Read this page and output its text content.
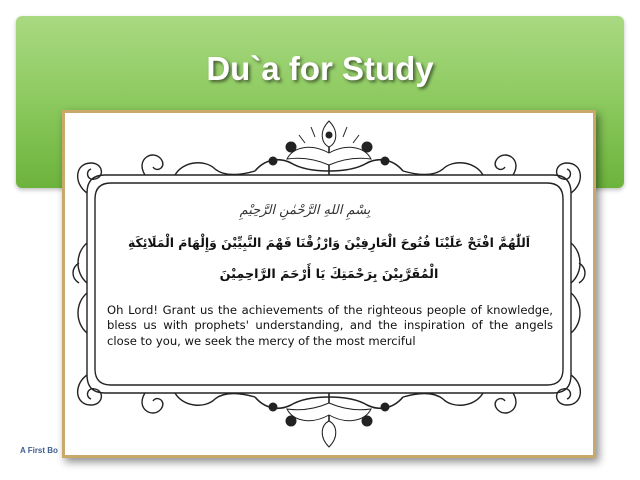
Du`a for Study
بِسْمِ اللهِ الرَّحْمٰنِ الرَّحِيْمِ
اَللّٰهُمَّ افْتَحْ عَلَيْنَا فُتُوحَ الْعَارِفِيْنَ وَارْزُقْنَا فَهْمَ النَّبِيِّيْنَ وَإِلْهَامَ الْمَلَائِكَةِ
الْمُقَرَّبِيْنَ بِرَحْمَتِكَ يَا أَرْحَمَ الرَّاحِمِيْنَ
Oh Lord! Grant us the achievements of the righteous people of knowledge, bless us with prophets' understanding, and the inspiration of the angels close to you, we seek the mercy of the most merciful
A First Bo
